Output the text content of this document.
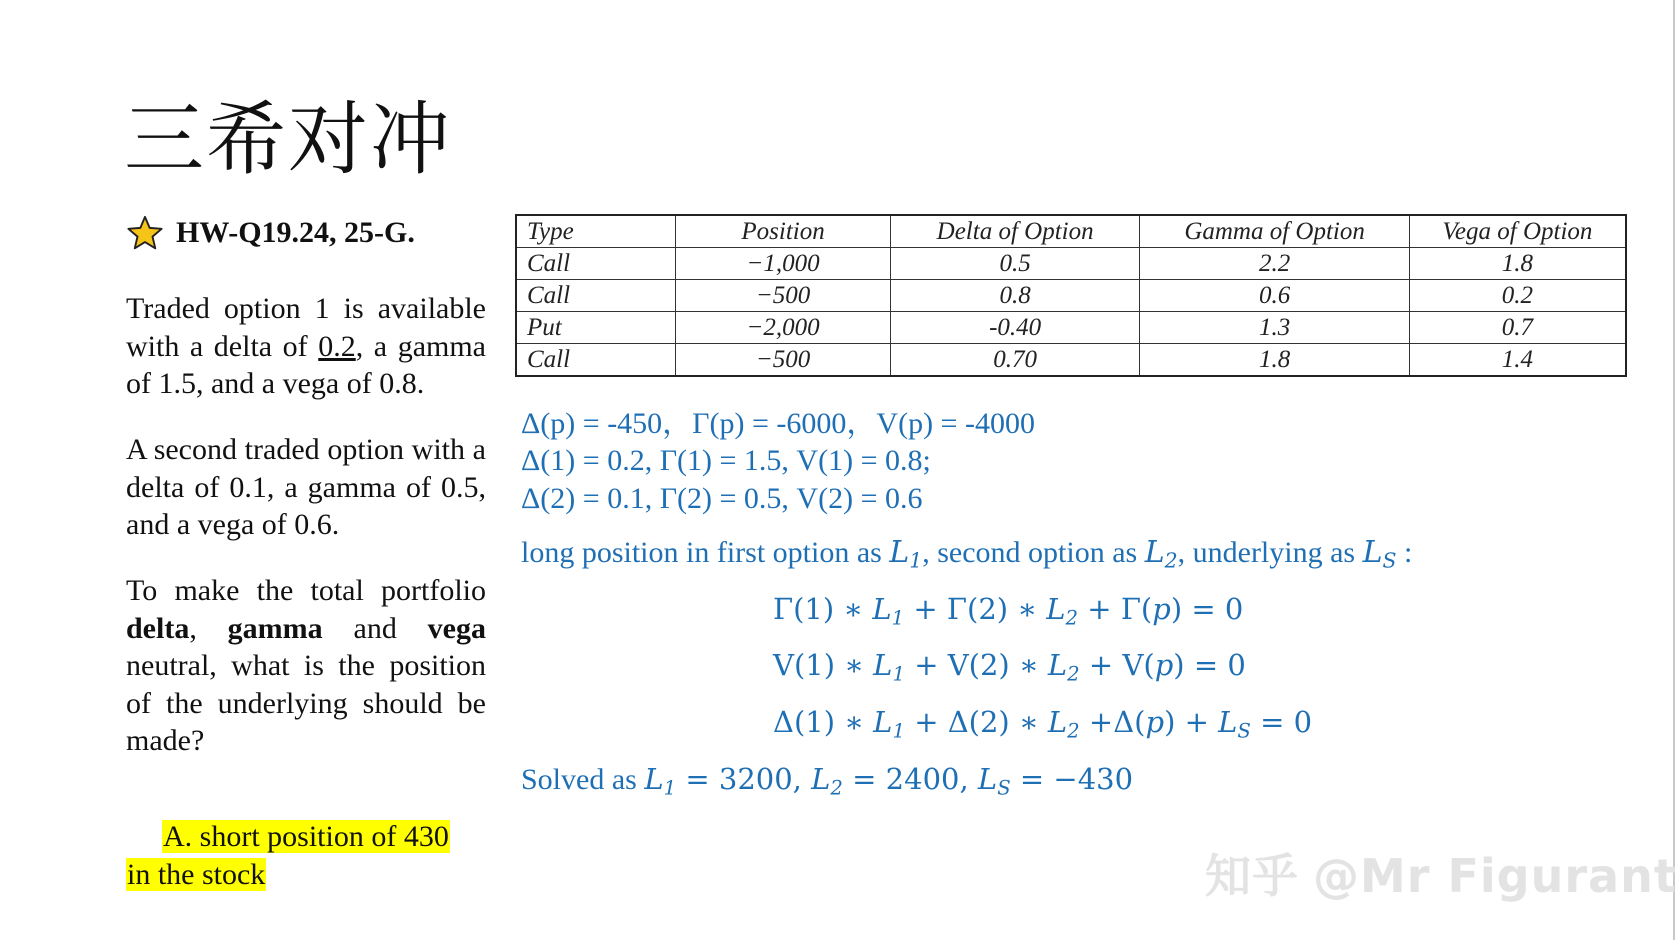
三希对冲
HW-Q19.24, 25-G.

Traded option 1 is available with a delta of 0.2, a gamma of 1.5, and a vega of 0.8.

A second traded option with a delta of 0.1, a gamma of 0.5, and a vega of 0.6.

To make the total portfolio delta, gamma and vega neutral, what is the position of the underlying should be made?

A. short position of 430
in the stock

Type	Position	Delta of Option	Gamma of Option	Vega of Option
Call	−1,000	0.5	2.2	1.8
Call	−500	0.8	0.6	0.2
Put	−2,000	-0.40	1.3	0.7
Call	−500	0.70	1.8	1.4

Δ(p) = -450，Γ(p) = -6000，V(p) = -4000

Δ(1) = 0.2, Γ(1) = 1.5, V(1) = 0.8;

Δ(2) = 0.1, Γ(2) = 0.5, V(2) = 0.6

long position in first option as $L_1$, second option as $L_2$, underlying as $L_S$ :

Γ(1) ∗ $L_1 + \Gamma(2)$ ∗ $L_2 + \Gamma(p) = 0$

V(1) ∗ $L_1 + V(2)$ ∗ $L_2 + V(p) = 0$

Δ(1) ∗ $L_1 + \Delta(2)$ ∗ $L_2 +\Delta(p) + L_S = 0$

Solved as $L_1 = 3200$, $L_2 = 2400$, $L_S = -430$

知乎 @Mr Figurant
